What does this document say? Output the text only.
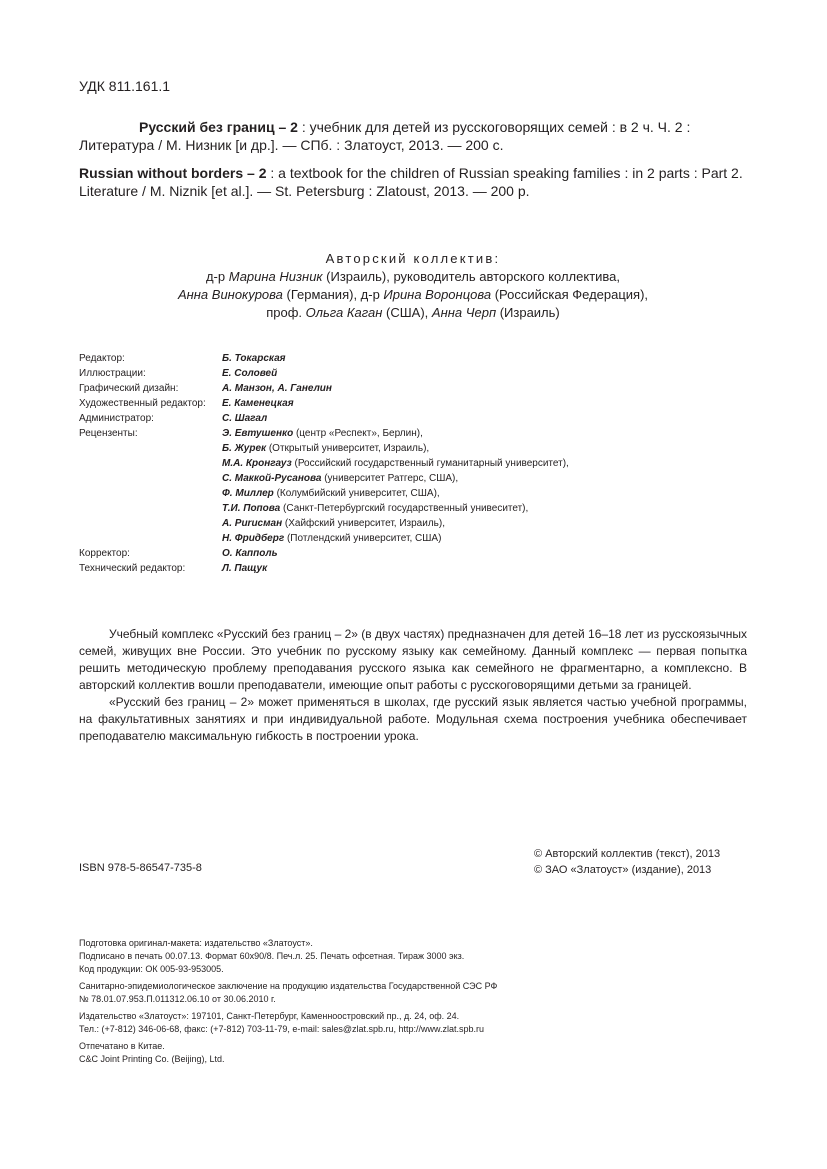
УДК 811.161.1
Русский без границ – 2 : учебник для детей из русскоговорящих семей : в 2 ч. Ч. 2 : Литература / М. Низник [и др.]. — СПб. : Златоуст, 2013. — 200 с.
Russian without borders – 2 : a textbook for the children of Russian speaking families : in 2 parts : Part 2. Literature / M. Niznik [et al.]. — St. Petersburg : Zlatoust, 2013. — 200 p.
Авторский коллектив:
д-р Марина Низник (Израиль), руководитель авторского коллектива,
Анна Винокурова (Германия), д-р Ирина Воронцова (Российская Федерация),
проф. Ольга Каган (США), Анна Черп (Израиль)
Редактор:	Б. Токарская
Иллюстрации:	Е. Соловей
Графический дизайн:	А. Манзон, А. Ганелин
Художественный редактор:	Е. Каменецкая
Администратор:	С. Шагал
Рецензенты:	Э. Евтушенко (центр «Респект», Берлин),
Б. Журек (Открытый университет, Израиль),
М.А. Кронгауз (Российский государственный гуманитарный университет),
С. Маккой-Русанова (университет Ратгерс, США),
Ф. Миллер (Колумбийский университет, США),
Т.И. Попова (Санкт-Петербургский государственный унивеситет),
А. Purисман (Хайфский университет, Израиль),
Н. Фридберг (Потлендский университет, США)
Корректор:	О. Капполь
Технический редактор:	Л. Пащук

Учебный комплекс «Русский без границ – 2» (в двух частях) предназначен для детей 16–18 лет из русскоязычных семей, живущих вне России. Это учебник по русскому языку как семейному. Данный комплекс — первая попытка решить методическую проблему преподавания русского языка как семейного не фрагментарно, а комплексно. В авторский коллектив вошли преподаватели, имеющие опыт работы с русскоговорящими детьми за границей.

«Русский без границ – 2» может применяться в школах, где русский язык является частью учебной программы, на факультативных занятиях и при индивидуальной работе. Модульная схема построения учебника обеспечивает преподавателю максимальную гибкость в построении урока.

© Авторский коллектив (текст), 2013
© ЗАО «Златоуст» (издание), 2013
ISBN 978-5-86547-735-8
Подготовка оригинал-макета: издательство «Златоуст».
Подписано в печать 00.07.13. Формат 60х90/8. Печ.л. 25. Печать офсетная. Тираж 3000 экз.
Код продукции: ОК 005-93-953005.
Санитарно-эпидемиологическое заключение на продукцию издательства Государственной СЭС РФ
№ 78.01.07.953.П.011312.06.10 от 30.06.2010 г.
Издательство «Златоуст»: 197101, Санкт-Петербург, Каменноостровский пр., д. 24, оф. 24.
Тел.: (+7-812) 346-06-68, факс: (+7-812) 703-11-79, e-mail: sales@zlat.spb.ru, http://www.zlat.spb.ru
Отпечатано в Китае.
C&C Joint Printing Co. (Beijing), Ltd.
